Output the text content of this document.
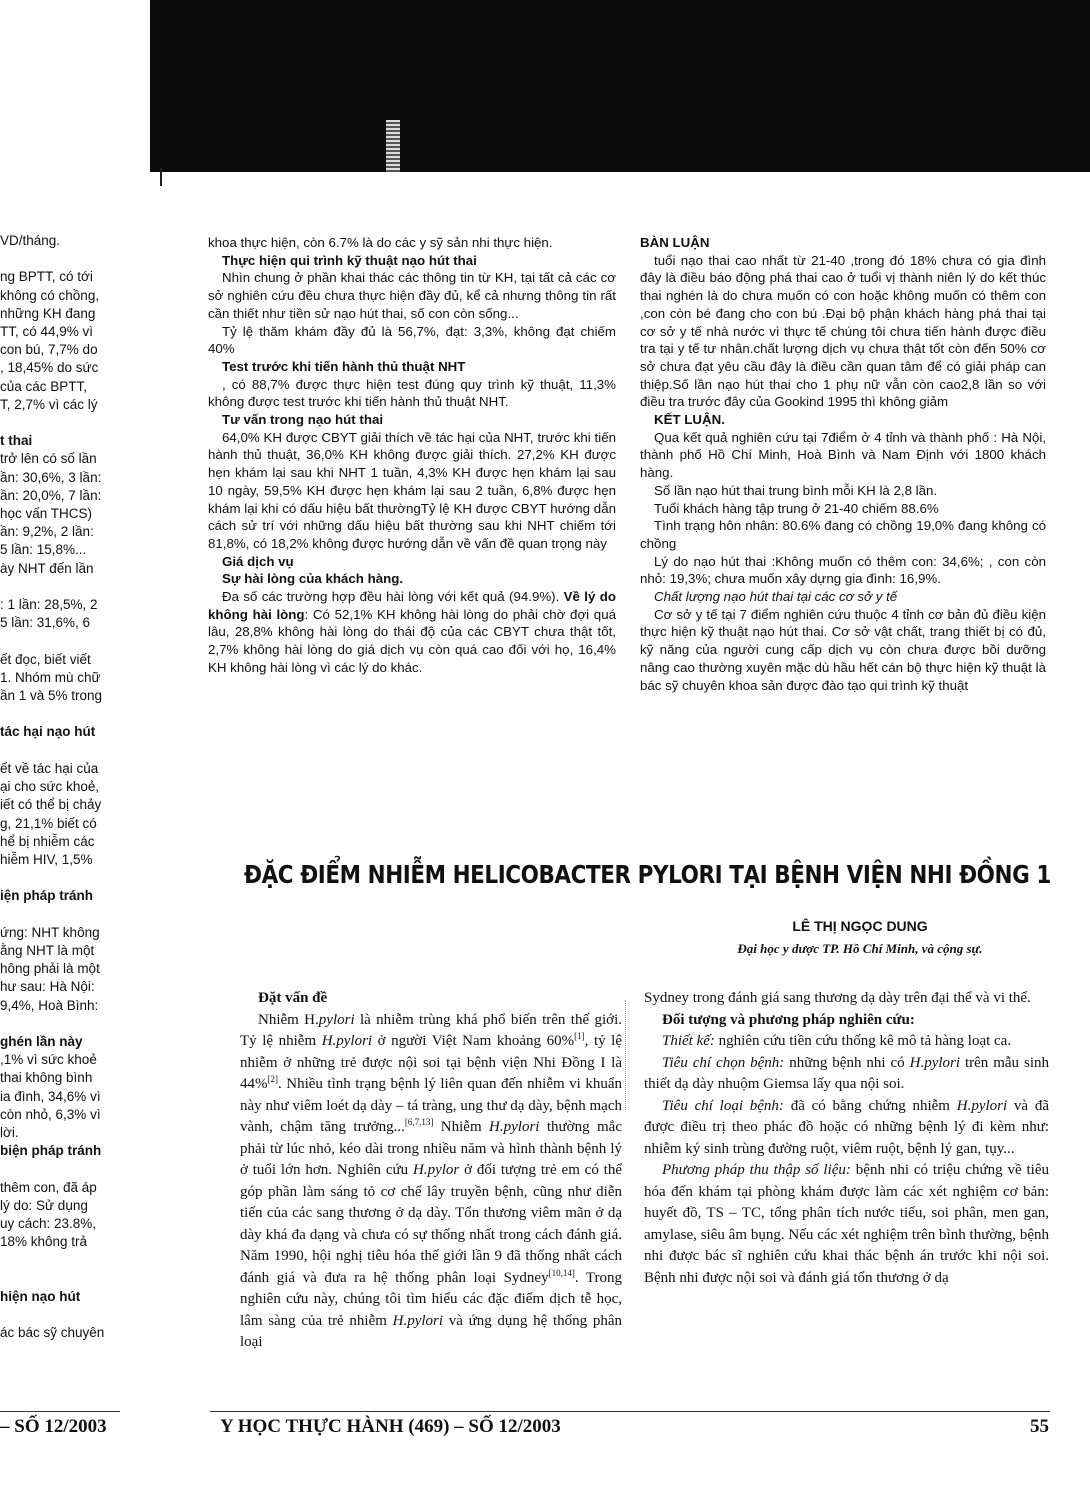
VD/tháng.

ng BPTT, có tới

không có chồng,

những KH đang

TT, có 44,9% vì

con bú, 7,7% do

, 18,45% do sức

của các BPTT,

T, 2,7% vì các lý

t thai

trở lên có số lần

ần: 30,6%, 3 lần:

ần: 20,0%, 7 lần:

học vấn THCS)

ần: 9,2%, 2 lần:

5 lần: 15,8%...

ày NHT đến lần

: 1 lần: 28,5%, 2

5 lần: 31,6%, 6

ết đọc, biết viết

1. Nhóm mù chữ

ần 1 và 5% trong

tác hại nạo hút

ết về tác hại của

ại cho sức khoẻ,

iết có thể bị chảy

g, 21,1% biết có

hể bị nhiễm các

hiễm HIV, 1,5%

iện pháp tránh

ứng: NHT không

ằng NHT là một

hông phải là một

hư sau: Hà Nội:

9,4%, Hoà Bình:

ghén lần này

,1% vì sức khoẻ

thai không bình

ia đình, 34,6% vì

còn nhỏ, 6,3% vì

lời.

biện pháp tránh

thêm con, đã áp

lý do: Sử dụng

uy cách: 23.8%,

18% không trả

hiện nạo hút

ác bác sỹ chuyên

khoa thực hiện, còn 6.7% là do các y sỹ sản nhi thực hiện.

Thực hiện qui trình kỹ thuật nạo hút thai

Nhìn chung ở phần khai thác các thông tin từ KH, tại tất cả các cơ sở nghiên cứu đều chưa thực hiện đầy đủ, kể cả nhưng thông tin rất cần thiết như tiền sử nạo hút thai, số con còn sống...

Tỷ lệ thăm khám đầy đủ là 56,7%, đạt: 3,3%, không đạt chiếm 40%

Test trước khi tiến hành thủ thuật NHT

, có 88,7% được thực hiện test đúng quy trình kỹ thuật, 11,3% không được test trước khi tiến hành thủ thuật NHT.

Tư vấn trong nạo hút thai

64,0% KH được CBYT giải thích về tác hại của NHT, trước khi tiến hành thủ thuật, 36,0% KH không được giải thích. 27,2% KH được hẹn khám lại sau khi NHT 1 tuần, 4,3% KH được hẹn khám lại sau 10 ngày, 59,5% KH được hẹn khám lại sau 2 tuần, 6,8% được hẹn khám lại khi có dấu hiệu bất thườngTỷ lệ KH được CBYT hướng dẫn cách sử trí với những dấu hiệu bất thường sau khi NHT chiếm tới 81,8%, có 18,2% không được hướng dẫn về vấn đề quan trọng này

Giá dịch vụ

Sự hài lòng của khách hàng.

Đa số các trường hợp đều hài lòng với kết quả (94.9%). Về lý do không hài lòng: Có 52,1% KH không hài lòng do phải chờ đợi quá lâu, 28,8% không hài lòng do thái độ của các CBYT chưa thật tốt, 2,7% không hài lòng do giá dịch vụ còn quá cao đối với họ, 16,4% KH không hài lòng vì các lý do khác.

BÀN LUẬN

tuổi nạo thai cao nhất từ 21-40 ,trong đó 18% chưa có gia đình đây là điều báo động phá thai cao ở tuổi vị thành niên lý do kết thúc thai nghén là do chưa muốn có con hoặc không muốn có thêm con ,con còn bé đang cho con bú .Đại bộ phận khách hàng phá thai tại cơ sở y tế nhà nước vì thực tế chúng tôi chưa tiến hành được điều tra tại y tế tư nhân.chất lượng dịch vụ chưa thật tốt còn đến 50% cơ sở chưa đạt yêu cầu đây là điều cần quan tâm để có giải pháp can thiệp.Số lần nạo hút thai cho 1 phụ nữ vẫn còn cao2,8 lần so với điều tra trước đây của Gookind 1995 thì không giảm

KẾT LUẬN.

Qua kết quả nghiên cứu tại 7điểm ở 4 tỉnh và thành phố : Hà Nội, thành phố Hồ Chí Minh, Hoà Bình và Nam Định với 1800 khách hàng.

Số lần nạo hút thai trung bình mỗi KH là 2,8 lần.

Tuổi khách hàng tập trung ở 21-40 chiếm 88.6%

Tình trạng hôn nhân: 80.6% đang có chồng 19,0% đang không có chồng

Lý do nạo hút thai :Không muốn có thêm con: 34,6%; , con còn nhỏ: 19,3%; chưa muốn xây dựng gia đình: 16,9%.

Chất lượng nạo hút thai tại các cơ sở y tế

Cơ sở y tế tại 7 điểm nghiên cứu thuộc 4 tỉnh cơ bản đủ điều kiện thực hiện kỹ thuật nạo hút thai. Cơ sở vật chất, trang thiết bị có đủ, kỹ năng của người cung cấp dịch vụ còn chưa được bồi dưỡng nâng cao thường xuyên mặc dù hầu hết cán bộ thực hiện kỹ thuật là bác sỹ chuyên khoa sản được đào tạo qui trình kỹ thuật

ĐẶC ĐIỂM NHIỄM HELICOBACTER PYLORI TẠI BỆNH VIỆN NHI ĐỒNG 1
LÊ THỊ NGỌC DUNG
Đại học y dược TP. Hồ Chí Minh, và cộng sự.

Đặt vấn đề

Nhiễm H.pylori là nhiễm trùng khá phổ biến trên thế giới. Tỷ lệ nhiễm H.pylori ở người Việt Nam khoảng 60%[1], tỷ lệ nhiễm ở những trẻ được nội soi tại bệnh viện Nhi Đồng I là 44%[2]. Nhiều tình trạng bệnh lý liên quan đến nhiễm vi khuẩn này như viêm loét dạ dày – tá tràng, ung thư dạ dày, bệnh mạch vành, chậm tăng trưởng...[6,7,13] Nhiễm H.pylori thường mắc phải từ lúc nhỏ, kéo dài trong nhiều năm và hình thành bệnh lý ở tuổi lớn hơn. Nghiên cứu H.pylor ở đối tượng trẻ em có thể góp phần làm sáng tỏ cơ chế lây truyền bệnh, cũng như diễn tiến của các sang thương ở dạ dày. Tổn thương viêm mãn ở dạ dày khá đa dạng và chưa có sự thống nhất trong cách đánh giá. Năm 1990, hội nghị tiêu hóa thế giới lần 9 đã thống nhất cách đánh giá và đưa ra hệ thống phân loại Sydney[10,14]. Trong nghiên cứu này, chúng tôi tìm hiểu các đặc điểm dịch tễ học, lâm sàng của trẻ nhiễm H.pylori và ứng dụng hệ thống phân loại

Sydney trong đánh giá sang thương dạ dày trên đại thể và vi thể.

Đối tượng và phương pháp nghiên cứu:

Thiết kế: nghiên cứu tiền cứu thống kê mô tả hàng loạt ca.

Tiêu chí chọn bệnh: những bệnh nhi có H.pylori trên mẫu sinh thiết dạ dày nhuộm Giemsa lấy qua nội soi.

Tiêu chí loại bệnh: đã có bằng chứng nhiễm H.pylori và đã được điều trị theo phác đồ hoặc có những bệnh lý đi kèm như: nhiễm ký sinh trùng đường ruột, viêm ruột, bệnh lý gan, tụy...

Phương pháp thu thập số liệu: bệnh nhi có triệu chứng về tiêu hóa đến khám tại phòng khám được làm các xét nghiệm cơ bản: huyết đồ, TS – TC, tổng phân tích nước tiểu, soi phân, men gan, amylase, siêu âm bụng. Nếu các xét nghiệm trên bình thường, bệnh nhi được bác sĩ nghiên cứu khai thác bệnh án trước khi nội soi. Bệnh nhi được nội soi và đánh giá tổn thương ở dạ

– SỐ 12/2003	Y HỌC THỰC HÀNH (469) – SỐ 12/2003	55
